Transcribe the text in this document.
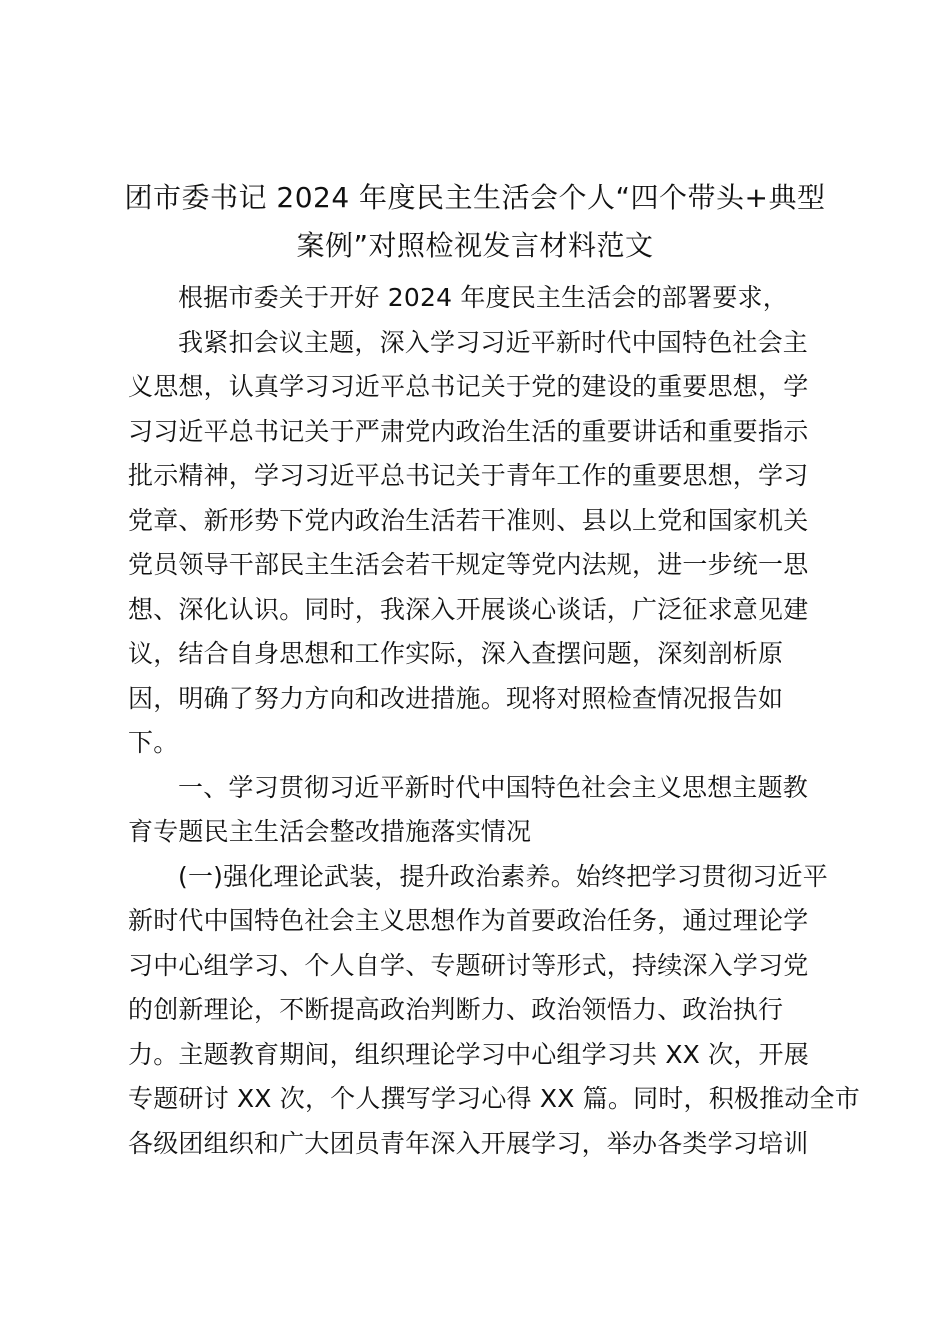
团市委书记 2024 年度民主生活会个人“四个带头+典型
案例”对照检视发言材料范文
根据市委关于开好 2024 年度民主生活会的部署要求，
我紧扣会议主题，深入学习习近平新时代中国特色社会主
义思想，认真学习习近平总书记关于党的建设的重要思想，学
习习近平总书记关于严肃党内政治生活的重要讲话和重要指示
批示精神，学习习近平总书记关于青年工作的重要思想，学习
党章、新形势下党内政治生活若干准则、县以上党和国家机关
党员领导干部民主生活会若干规定等党内法规，进一步统一思
想、深化认识。同时，我深入开展谈心谈话，广泛征求意见建
议，结合自身思想和工作实际，深入查摆问题，深刻剖析原
因，明确了努力方向和改进措施。现将对照检查情况报告如
下。
一、学习贯彻习近平新时代中国特色社会主义思想主题教
育专题民主生活会整改措施落实情况
(一)强化理论武装，提升政治素养。始终把学习贯彻习近平
新时代中国特色社会主义思想作为首要政治任务，通过理论学
习中心组学习、个人自学、专题研讨等形式，持续深入学习党
的创新理论，不断提高政治判断力、政治领悟力、政治执行
力。主题教育期间，组织理论学习中心组学习共 XX 次，开展
专题研讨 XX 次，个人撰写学习心得 XX 篇。同时，积极推动全市
各级团组织和广大团员青年深入开展学习，举办各类学习培训
